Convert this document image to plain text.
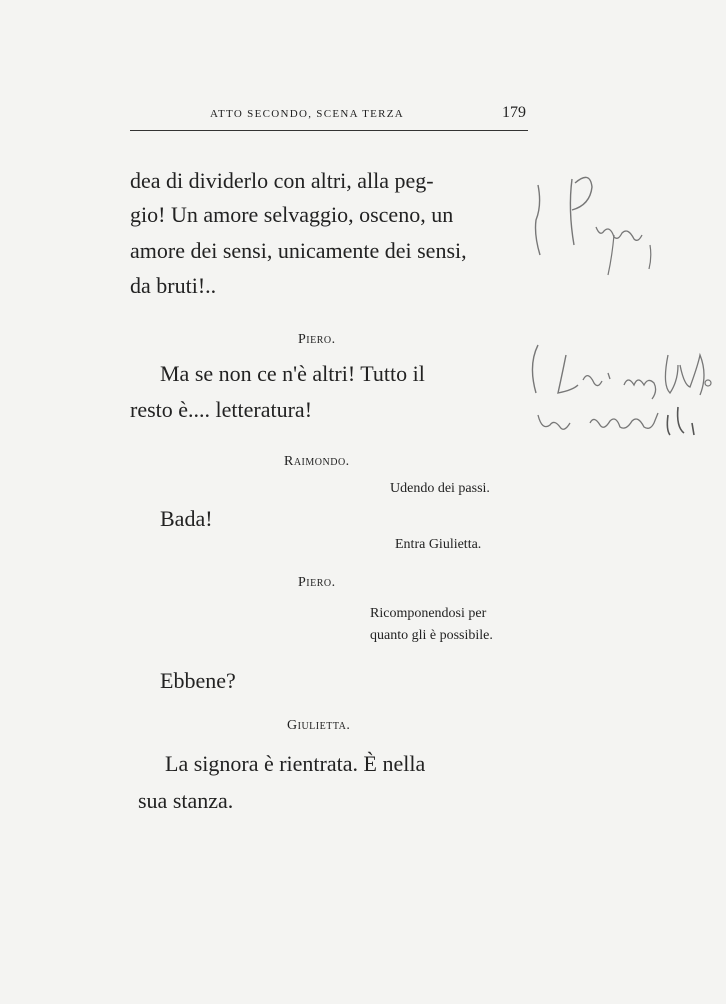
ATTO SECONDO, SCENA TERZA	179
dea di dividerlo con altri, alla peg-
gio! Un amore selvaggio, osceno, un
amore dei sensi, unicamente dei sensi,
da bruti!..
Piero.
Ma se non ce n'è altri! Tutto il
resto è.... letteratura!
Raimondo.
Udendo dei passi.
Bada!
Entra Giulietta.
Piero.
Ricomponendosi per
quanto gli è possibile.
Ebbene?
Giulietta.
La signora è rientrata. È nella
sua stanza.
